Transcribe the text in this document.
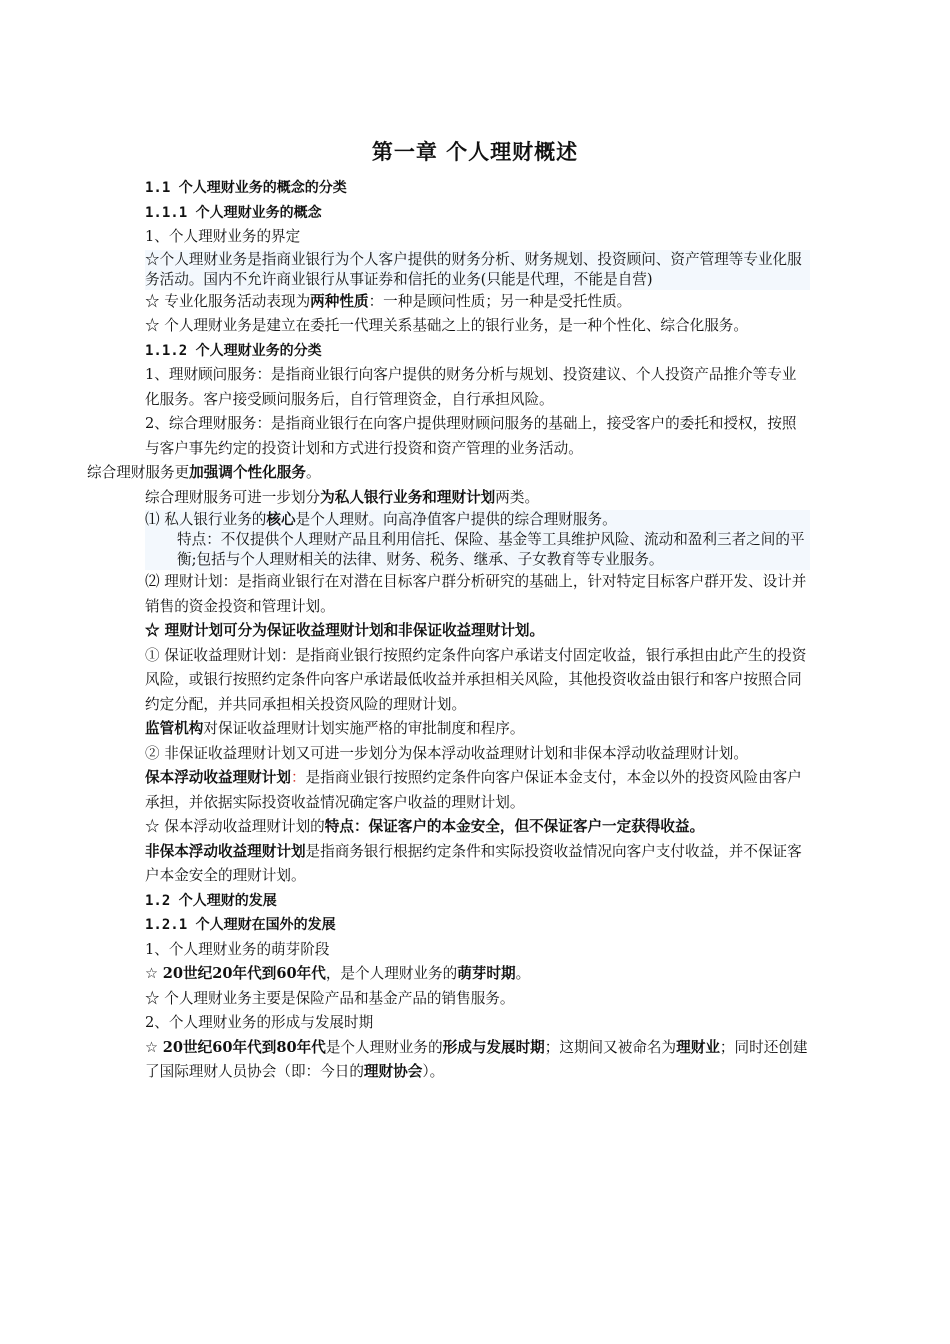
第一章 个人理财概述

1.1 个人理财业务的概念的分类

1.1.1 个人理财业务的概念

1、个人理财业务的界定

☆个人理财业务是指商业银行为个人客户提供的财务分析、财务规划、投资顾问、资产管理等专业化服务活动。国内不允许商业银行从事证券和信托的业务(只能是代理，不能是自营)

☆ 专业化服务活动表现为两种性质：一种是顾问性质；另一种是受托性质。

☆ 个人理财业务是建立在委托一代理关系基础之上的银行业务，是一种个性化、综合化服务。

1.1.2 个人理财业务的分类

1、理财顾问服务：是指商业银行向客户提供的财务分析与规划、投资建议、个人投资产品推介等专业化服务。客户接受顾问服务后，自行管理资金，自行承担风险。

2、综合理财服务：是指商业银行在向客户提供理财顾问服务的基础上，接受客户的委托和授权，按照与客户事先约定的投资计划和方式进行投资和资产管理的业务活动。

综合理财服务更加强调个性化服务。

综合理财服务可进一步划分为私人银行业务和理财计划两类。

⑴ 私人银行业务的核心是个人理财。向高净值客户提供的综合理财服务。

特点：不仅提供个人理财产品且利用信托、保险、基金等工具维护风险、流动和盈利三者之间的平衡;包括与个人理财相关的法律、财务、税务、继承、子女教育等专业服务。

⑵ 理财计划：是指商业银行在对潜在目标客户群分析研究的基础上，针对特定目标客户群开发、设计并销售的资金投资和管理计划。

☆ 理财计划可分为保证收益理财计划和非保证收益理财计划。

① 保证收益理财计划：是指商业银行按照约定条件向客户承诺支付固定收益，银行承担由此产生的投资风险，或银行按照约定条件向客户承诺最低收益并承担相关风险，其他投资收益由银行和客户按照合同约定分配，并共同承担相关投资风险的理财计划。

监管机构对保证收益理财计划实施严格的审批制度和程序。

② 非保证收益理财计划又可进一步划分为保本浮动收益理财计划和非保本浮动收益理财计划。

保本浮动收益理财计划：是指商业银行按照约定条件向客户保证本金支付，本金以外的投资风险由客户承担，并依据实际投资收益情况确定客户收益的理财计划。

☆ 保本浮动收益理财计划的特点：保证客户的本金安全，但不保证客户一定获得收益。

非保本浮动收益理财计划是指商务银行根据约定条件和实际投资收益情况向客户支付收益，并不保证客户本金安全的理财计划。

1.2 个人理财的发展

1.2.1 个人理财在国外的发展

1、个人理财业务的萌芽阶段

☆ 20世纪20年代到60年代，是个人理财业务的萌芽时期。

☆ 个人理财业务主要是保险产品和基金产品的销售服务。

2、个人理财业务的形成与发展时期

☆ 20世纪60年代到80年代是个人理财业务的形成与发展时期；这期间又被命名为理财业；同时还创建了国际理财人员协会（即：今日的理财协会）。
